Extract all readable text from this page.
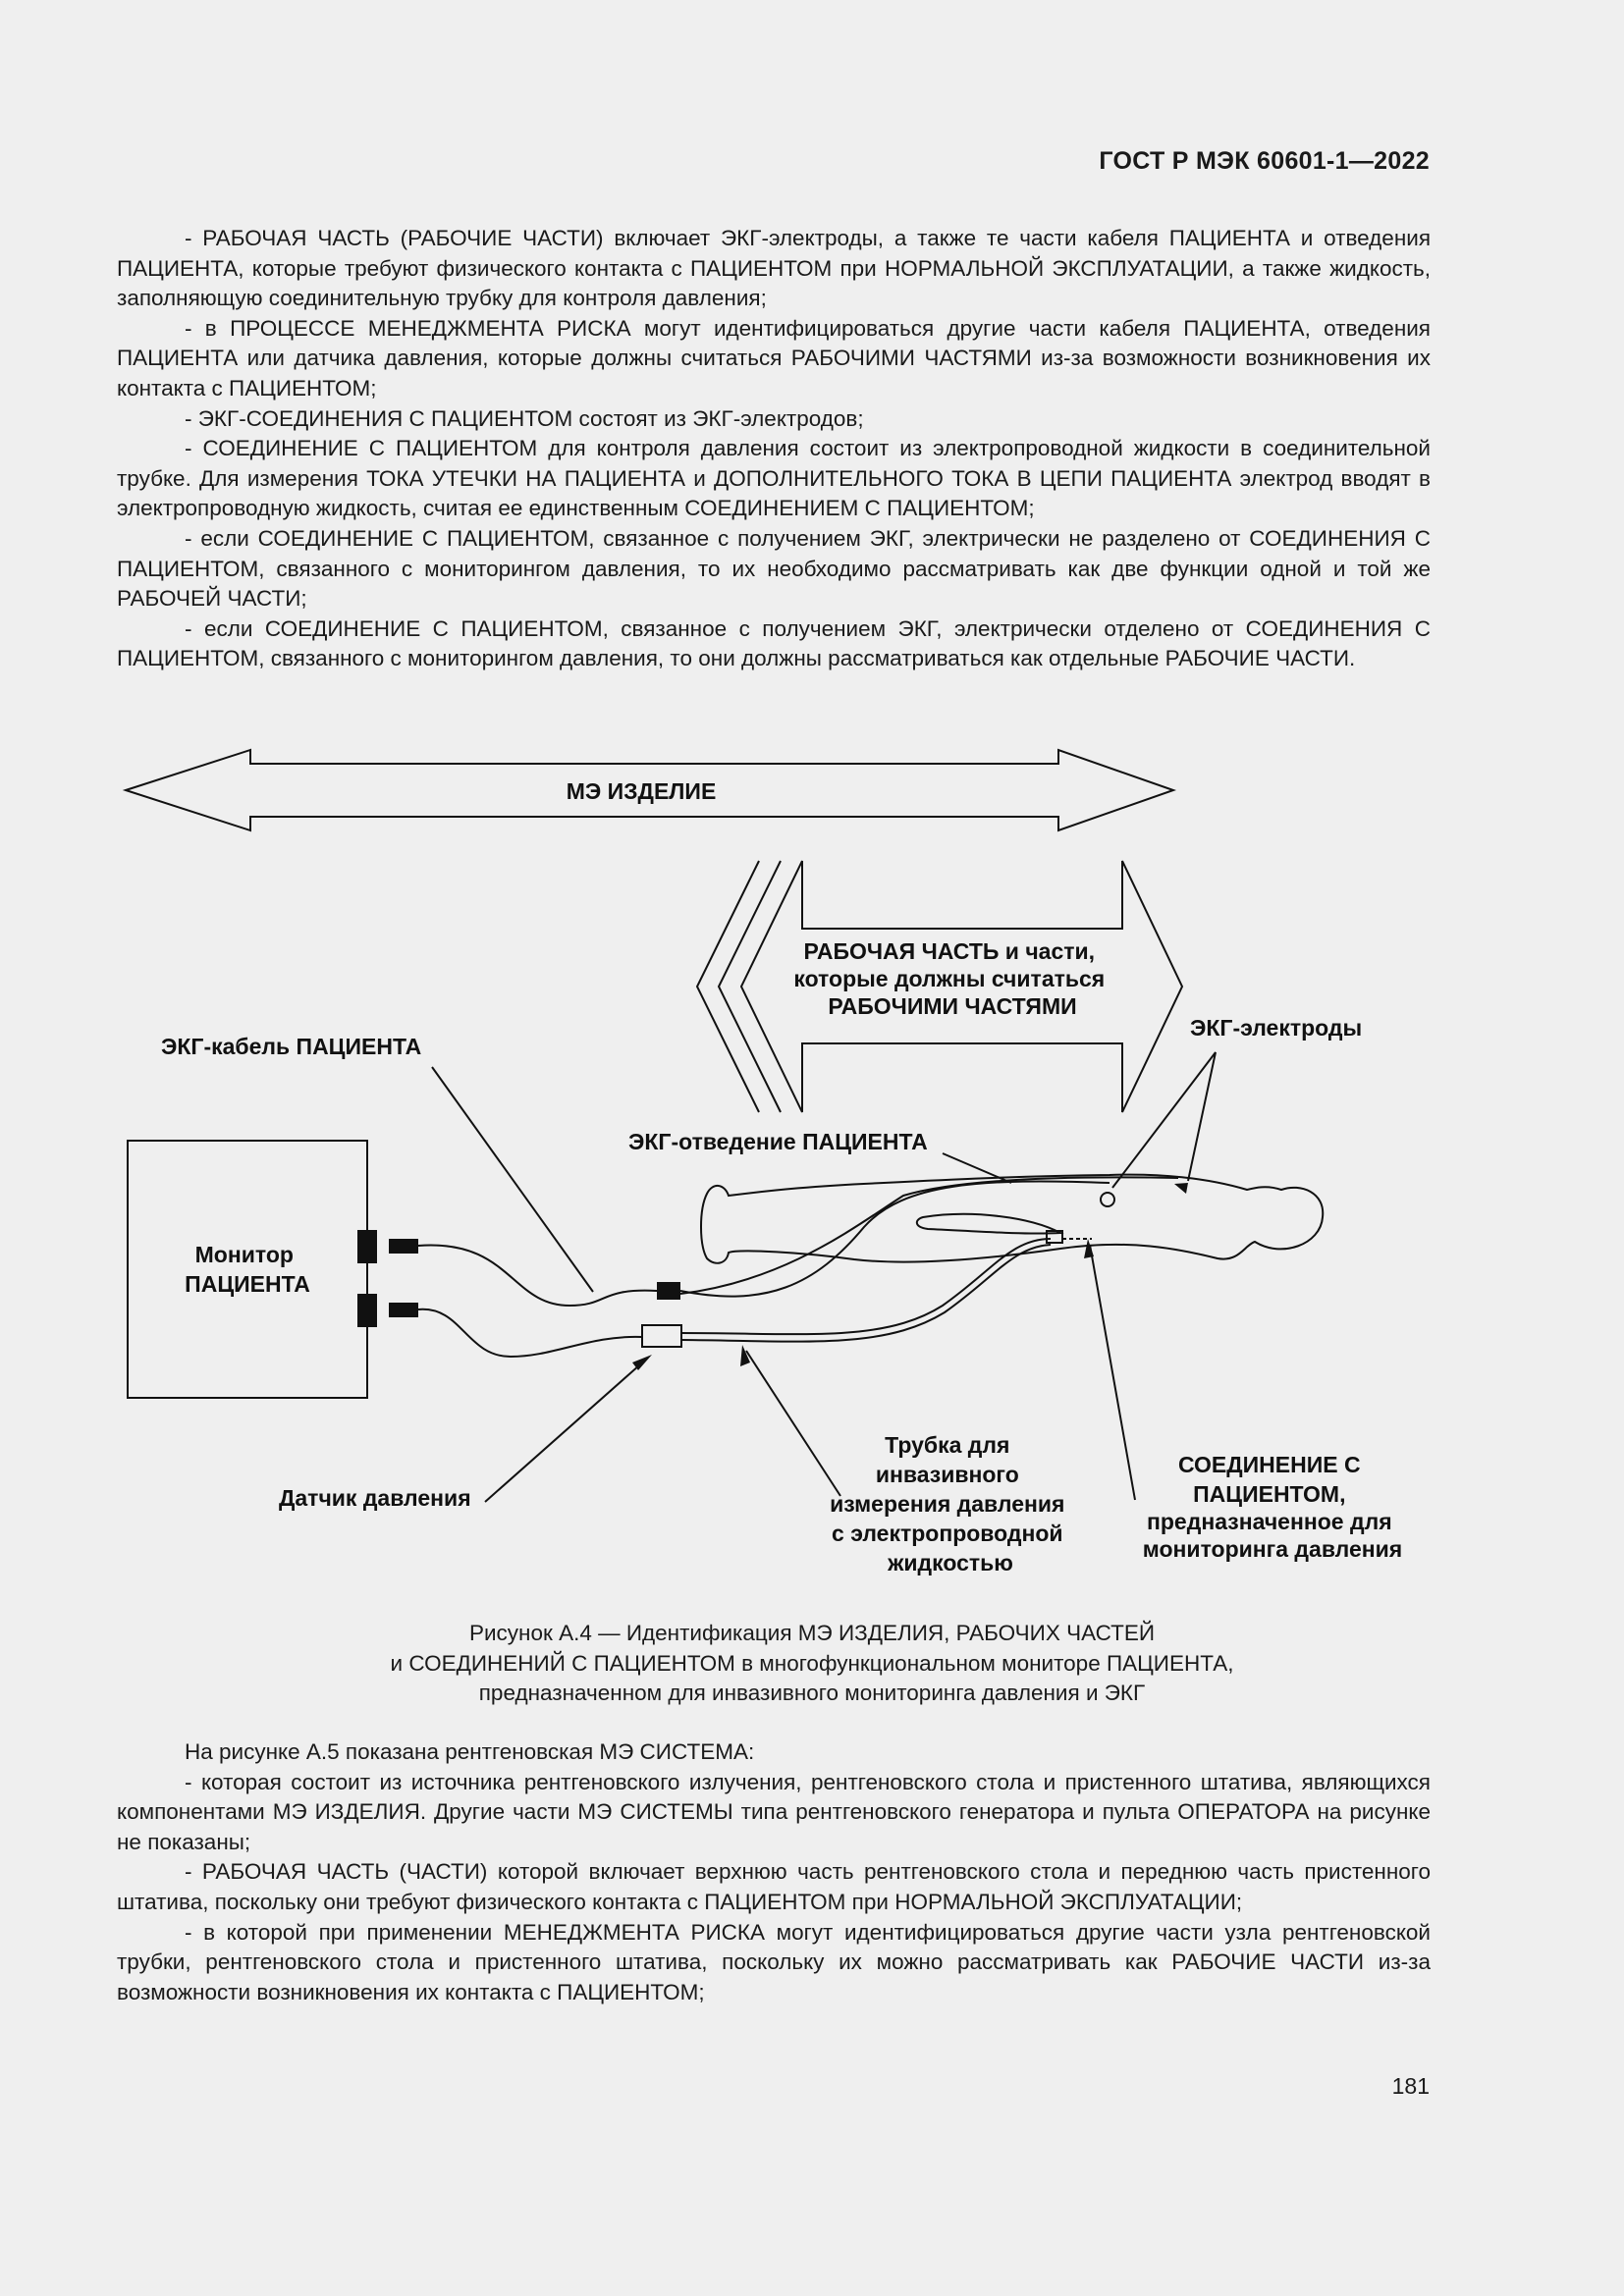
ГОСТ Р МЭК 60601-1—2022

- РАБОЧАЯ ЧАСТЬ (РАБОЧИЕ ЧАСТИ) включает ЭКГ-электроды, а также те части кабеля ПАЦИЕНТА и отведения ПАЦИЕНТА, которые требуют физического контакта с ПАЦИЕНТОМ при НОРМАЛЬНОЙ ЭКСПЛУАТАЦИИ, а также жидкость, заполняющую соединительную трубку для контроля давления;

- в ПРОЦЕССЕ МЕНЕДЖМЕНТА РИСКА могут идентифицироваться другие части кабеля ПАЦИЕНТА, отведения ПАЦИЕНТА или датчика давления, которые должны считаться РАБОЧИМИ ЧАСТЯМИ из-за возможности возникновения их контакта с ПАЦИЕНТОМ;

- ЭКГ-СОЕДИНЕНИЯ С ПАЦИЕНТОМ состоят из ЭКГ-электродов;

- СОЕДИНЕНИЕ С ПАЦИЕНТОМ для контроля давления состоит из электропроводной жидкости в соединительной трубке. Для измерения ТОКА УТЕЧКИ НА ПАЦИЕНТА и ДОПОЛНИТЕЛЬНОГО ТОКА В ЦЕПИ ПАЦИЕНТА электрод вводят в электропроводную жидкость, считая ее единственным СОЕДИНЕНИЕМ С ПАЦИЕНТОМ;

- если СОЕДИНЕНИЕ С ПАЦИЕНТОМ, связанное с получением ЭКГ, электрически не разделено от СОЕДИНЕНИЯ С ПАЦИЕНТОМ, связанного с мониторингом давления, то их необходимо рассматривать как две функции одной и той же РАБОЧЕЙ ЧАСТИ;

- если СОЕДИНЕНИЕ С ПАЦИЕНТОМ, связанное с получением ЭКГ, электрически отделено от СОЕДИНЕНИЯ С ПАЦИЕНТОМ, связанного с мониторингом давления, то они должны рассматриваться как отдельные РАБОЧИЕ ЧАСТИ.

МЭ ИЗДЕЛИЕ
РАБОЧАЯ ЧАСТЬ и части, которые должны считаться РАБОЧИМИ ЧАСТЯМИ
ЭКГ-кабель ПАЦИЕНТА
ЭКГ-электроды
ЭКГ-отведение ПАЦИЕНТА
Монитор ПАЦИЕНТА
Датчик давления
Трубка для инвазивного измерения давления с электропроводной жидкостью
СОЕДИНЕНИЕ С ПАЦИЕНТОМ, предназначенное для мониторинга давления
Рисунок А.4 — Идентификация МЭ ИЗДЕЛИЯ, РАБОЧИХ ЧАСТЕЙ
и СОЕДИНЕНИЙ С ПАЦИЕНТОМ в многофункциональном мониторе ПАЦИЕНТА,
предназначенном для инвазивного мониторинга давления и ЭКГ

На рисунке А.5 показана рентгеновская МЭ СИСТЕМА:

- которая состоит из источника рентгеновского излучения, рентгеновского стола и пристенного штатива, являющихся компонентами МЭ ИЗДЕЛИЯ. Другие части МЭ СИСТЕМЫ типа рентгеновского генератора и пульта ОПЕРАТОРА на рисунке не показаны;

- РАБОЧАЯ ЧАСТЬ (ЧАСТИ) которой включает верхнюю часть рентгеновского стола и переднюю часть пристенного штатива, поскольку они требуют физического контакта с ПАЦИЕНТОМ при НОРМАЛЬНОЙ ЭКСПЛУАТАЦИИ;

- в которой при применении МЕНЕДЖМЕНТА РИСКА могут идентифицироваться другие части узла рентгеновской трубки, рентгеновского стола и пристенного штатива, поскольку их можно рассматривать как РАБОЧИЕ ЧАСТИ из-за возможности возникновения их контакта с ПАЦИЕНТОМ;

181
